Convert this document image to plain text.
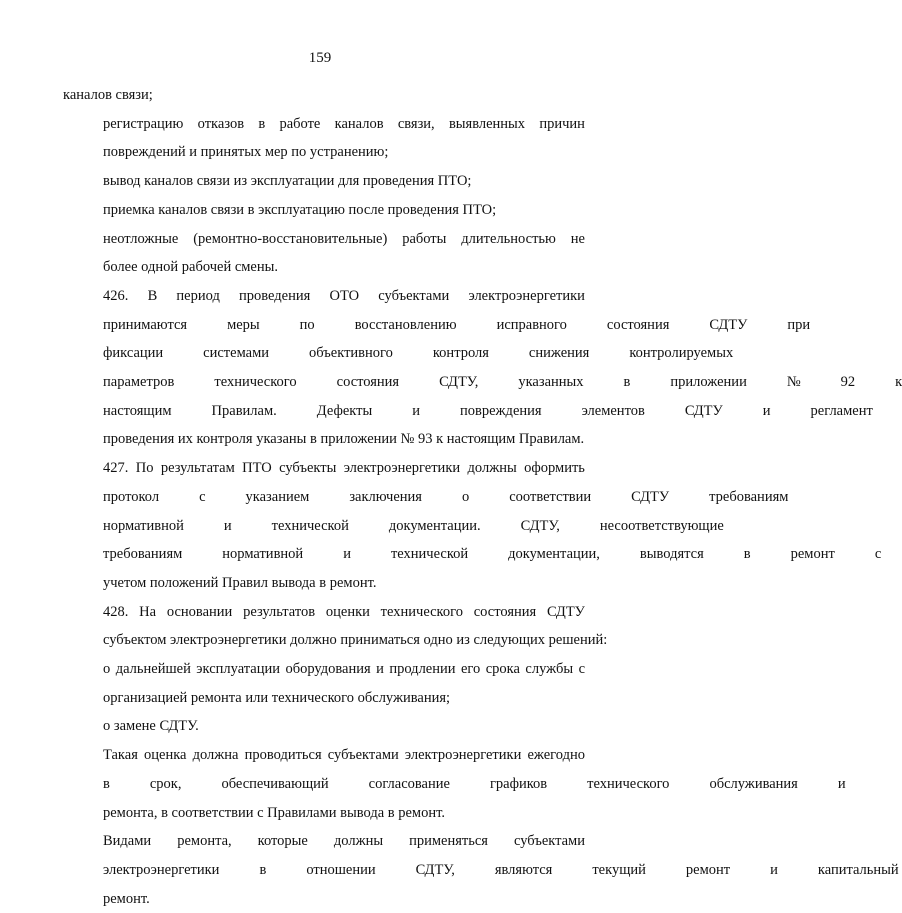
159
каналов связи;
регистрацию отказов в работе каналов связи, выявленных причин
повреждений и принятых мер по устранению;
вывод каналов связи из эксплуатации для проведения ПТО;
приемка каналов связи в эксплуатацию после проведения ПТО;
неотложные (ремонтно-восстановительные) работы длительностью не
более одной рабочей смены.
426. В период проведения ОТО субъектами электроэнергетики
принимаются	меры	по	восстановлению	исправного	состояния	СДТУ	при
фиксации	системами	объективного	контроля	снижения	контролируемых
параметров	технического	состояния	СДТУ,	указанных	в	приложении	№	92	к
настоящим	Правилам.	Дефекты	и	повреждения	элементов	СДТУ	и	регламент
проведения их контроля указаны в приложении № 93 к настоящим Правилам.
427. По результатам ПТО субъекты электроэнергетики должны оформить
протокол	с	указанием	заключения	о	соответствии	СДТУ	требованиям
нормативной	и	технической	документации.	СДТУ,	несоответствующие
требованиям	нормативной	и	технической	документации,	выводятся	в	ремонт	с
учетом положений Правил вывода в ремонт.
428. На основании результатов оценки технического состояния СДТУ
субъектом электроэнергетики должно приниматься одно из следующих решений:
о дальнейшей эксплуатации оборудования и продлении его срока службы с
организацией ремонта или технического обслуживания;
о замене СДТУ.
Такая оценка должна проводиться субъектами электроэнергетики ежегодно
в	срок,	обеспечивающий	согласование	графиков	технического	обслуживания	и
ремонта, в соответствии с Правилами вывода в ремонт.
Видами ремонта, которые должны применяться субъектами
электроэнергетики	в	отношении	СДТУ,	являются	текущий	ремонт	и	капитальный
ремонт.
